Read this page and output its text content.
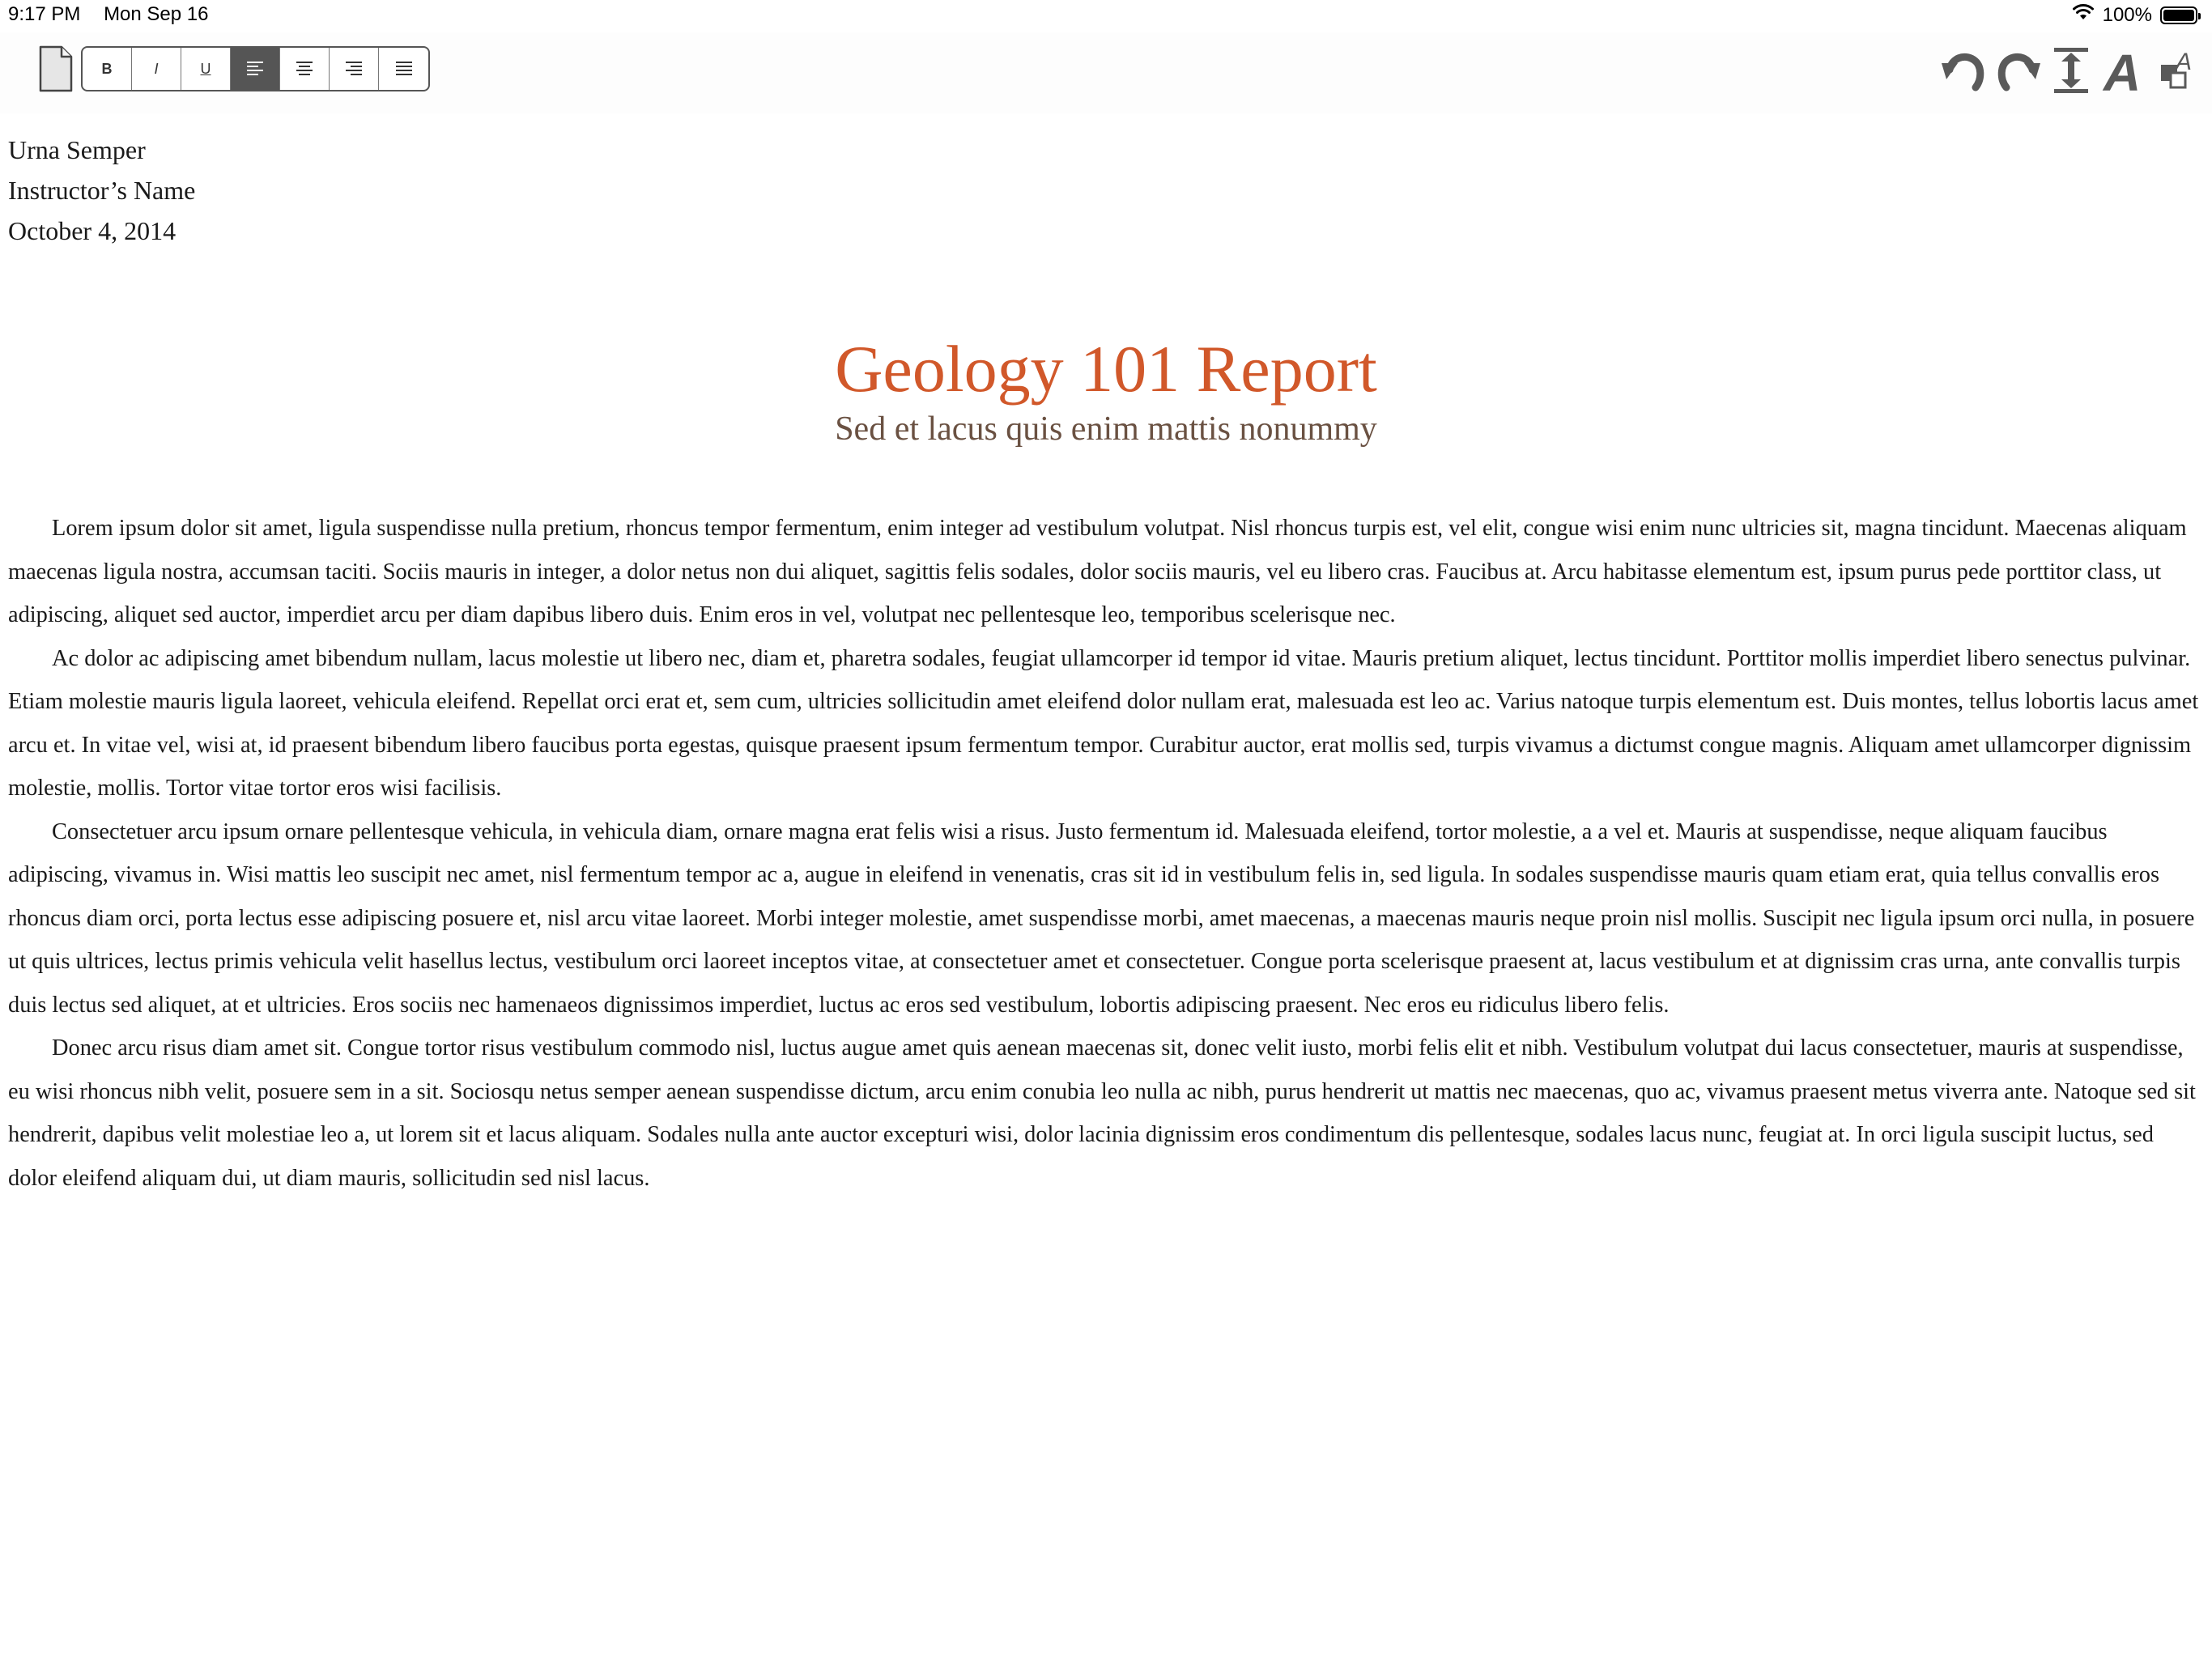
9:17 PM Mon Sep 16	100%
B	I	U	A A
Urna Semper
Instructor’s Name
October 4, 2014
Geology 101 Report
Sed et lacus quis enim mattis nonummy

Lorem ipsum dolor sit amet, ligula suspendisse nulla pretium, rhoncus tempor fermentum, enim integer ad vestibulum volutpat. Nisl rhoncus turpis est, vel elit, congue wisi enim nunc ultricies sit, magna tincidunt. Maecenas aliquam maecenas ligula nostra, accumsan taciti. Sociis mauris in integer, a dolor netus non dui aliquet, sagittis felis sodales, dolor sociis mauris, vel eu libero cras. Faucibus at. Arcu habitasse elementum est, ipsum purus pede porttitor class, ut adipiscing, aliquet sed auctor, imperdiet arcu per diam dapibus libero duis. Enim eros in vel, volutpat nec pellentesque leo, temporibus scelerisque nec.

Ac dolor ac adipiscing amet bibendum nullam, lacus molestie ut libero nec, diam et, pharetra sodales, feugiat ullamcorper id tempor id vitae. Mauris pretium aliquet, lectus tincidunt. Porttitor mollis imperdiet libero senectus pulvinar. Etiam molestie mauris ligula laoreet, vehicula eleifend. Repellat orci erat et, sem cum, ultricies sollicitudin amet eleifend dolor nullam erat, malesuada est leo ac. Varius natoque turpis elementum est. Duis montes, tellus lobortis lacus amet arcu et. In vitae vel, wisi at, id praesent bibendum libero faucibus porta egestas, quisque praesent ipsum fermentum tempor. Curabitur auctor, erat mollis sed, turpis vivamus a dictumst congue magnis. Aliquam amet ullamcorper dignissim molestie, mollis. Tortor vitae tortor eros wisi facilisis.

Consectetuer arcu ipsum ornare pellentesque vehicula, in vehicula diam, ornare magna erat felis wisi a risus. Justo fermentum id. Malesuada eleifend, tortor molestie, a a vel et. Mauris at suspendisse, neque aliquam faucibus adipiscing, vivamus in. Wisi mattis leo suscipit nec amet, nisl fermentum tempor ac a, augue in eleifend in venenatis, cras sit id in vestibulum felis in, sed ligula. In sodales suspendisse mauris quam etiam erat, quia tellus convallis eros rhoncus diam orci, porta lectus esse adipiscing posuere et, nisl arcu vitae laoreet. Morbi integer molestie, amet suspendisse morbi, amet maecenas, a maecenas mauris neque proin nisl mollis. Suscipit nec ligula ipsum orci nulla, in posuere ut quis ultrices, lectus primis vehicula velit hasellus lectus, vestibulum orci laoreet inceptos vitae, at consectetuer amet et consectetuer. Congue porta scelerisque praesent at, lacus vestibulum et at dignissim cras urna, ante convallis turpis duis lectus sed aliquet, at et ultricies. Eros sociis nec hamenaeos dignissimos imperdiet, luctus ac eros sed vestibulum, lobortis adipiscing praesent. Nec eros eu ridiculus libero felis.

Donec arcu risus diam amet sit. Congue tortor risus vestibulum commodo nisl, luctus augue amet quis aenean maecenas sit, donec velit iusto, morbi felis elit et nibh. Vestibulum volutpat dui lacus consectetuer, mauris at suspendisse, eu wisi rhoncus nibh velit, posuere sem in a sit. Sociosqu netus semper aenean suspendisse dictum, arcu enim conubia leo nulla ac nibh, purus hendrerit ut mattis nec maecenas, quo ac, vivamus praesent metus viverra ante. Natoque sed sit hendrerit, dapibus velit molestiae leo a, ut lorem sit et lacus aliquam. Sodales nulla ante auctor excepturi wisi, dolor lacinia dignissim eros condimentum dis pellentesque, sodales lacus nunc, feugiat at. In orci ligula suscipit luctus, sed dolor eleifend aliquam dui, ut diam mauris, sollicitudin sed nisl lacus.
